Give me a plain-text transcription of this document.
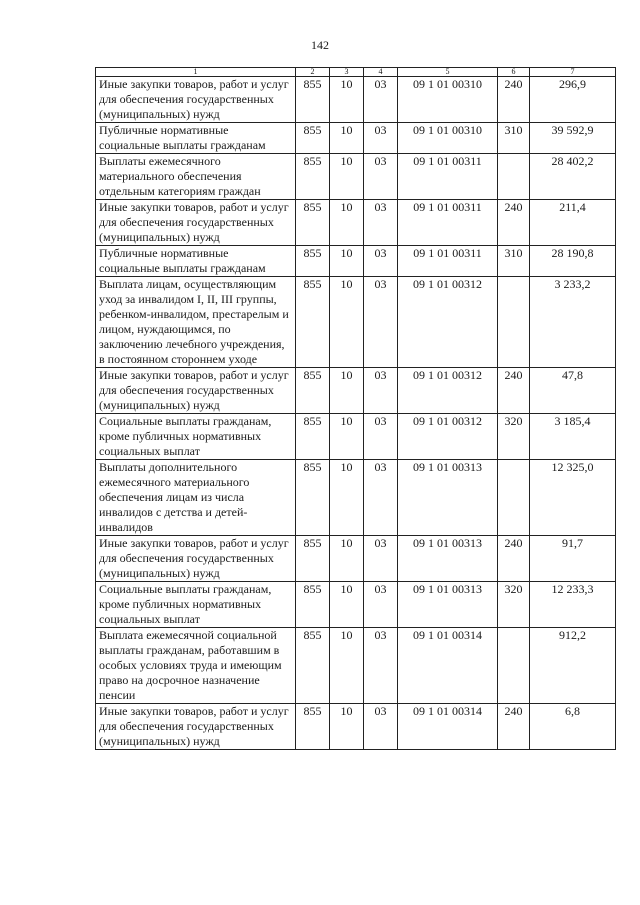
142
1	2	3	4	5	6	7
Иные закупки товаров, работ и услуг для обеспечения государственных (муниципальных) нужд	855	10	03	09 1 01 00310	240	296,9
Публичные нормативные социальные выплаты гражданам	855	10	03	09 1 01 00310	310	39 592,9
Выплаты ежемесячного материального обеспечения отдельным категориям граждан	855	10	03	09 1 01 00311		28 402,2
Иные закупки товаров, работ и услуг для обеспечения государственных (муниципальных) нужд	855	10	03	09 1 01 00311	240	211,4
Публичные нормативные социальные выплаты гражданам	855	10	03	09 1 01 00311	310	28 190,8
Выплата лицам, осуществляющим уход за инвалидом I, II, III группы, ребенком-инвалидом, престарелым и лицом, нуждающимся, по заключению лечебного учреждения, в постоянном стороннем уходе	855	10	03	09 1 01 00312		3 233,2
Иные закупки товаров, работ и услуг для обеспечения государственных (муниципальных) нужд	855	10	03	09 1 01 00312	240	47,8
Социальные выплаты гражданам, кроме публичных нормативных социальных выплат	855	10	03	09 1 01 00312	320	3 185,4
Выплаты дополнительного ежемесячного материального обеспечения лицам из числа инвалидов с детства и детей-инвалидов	855	10	03	09 1 01 00313		12 325,0
Иные закупки товаров, работ и услуг для обеспечения государственных (муниципальных) нужд	855	10	03	09 1 01 00313	240	91,7
Социальные выплаты гражданам, кроме публичных нормативных социальных выплат	855	10	03	09 1 01 00313	320	12 233,3
Выплата ежемесячной социальной выплаты гражданам, работавшим в особых условиях труда и имеющим право на досрочное назначение пенсии	855	10	03	09 1 01 00314		912,2
Иные закупки товаров, работ и услуг для обеспечения государственных (муниципальных) нужд	855	10	03	09 1 01 00314	240	6,8
